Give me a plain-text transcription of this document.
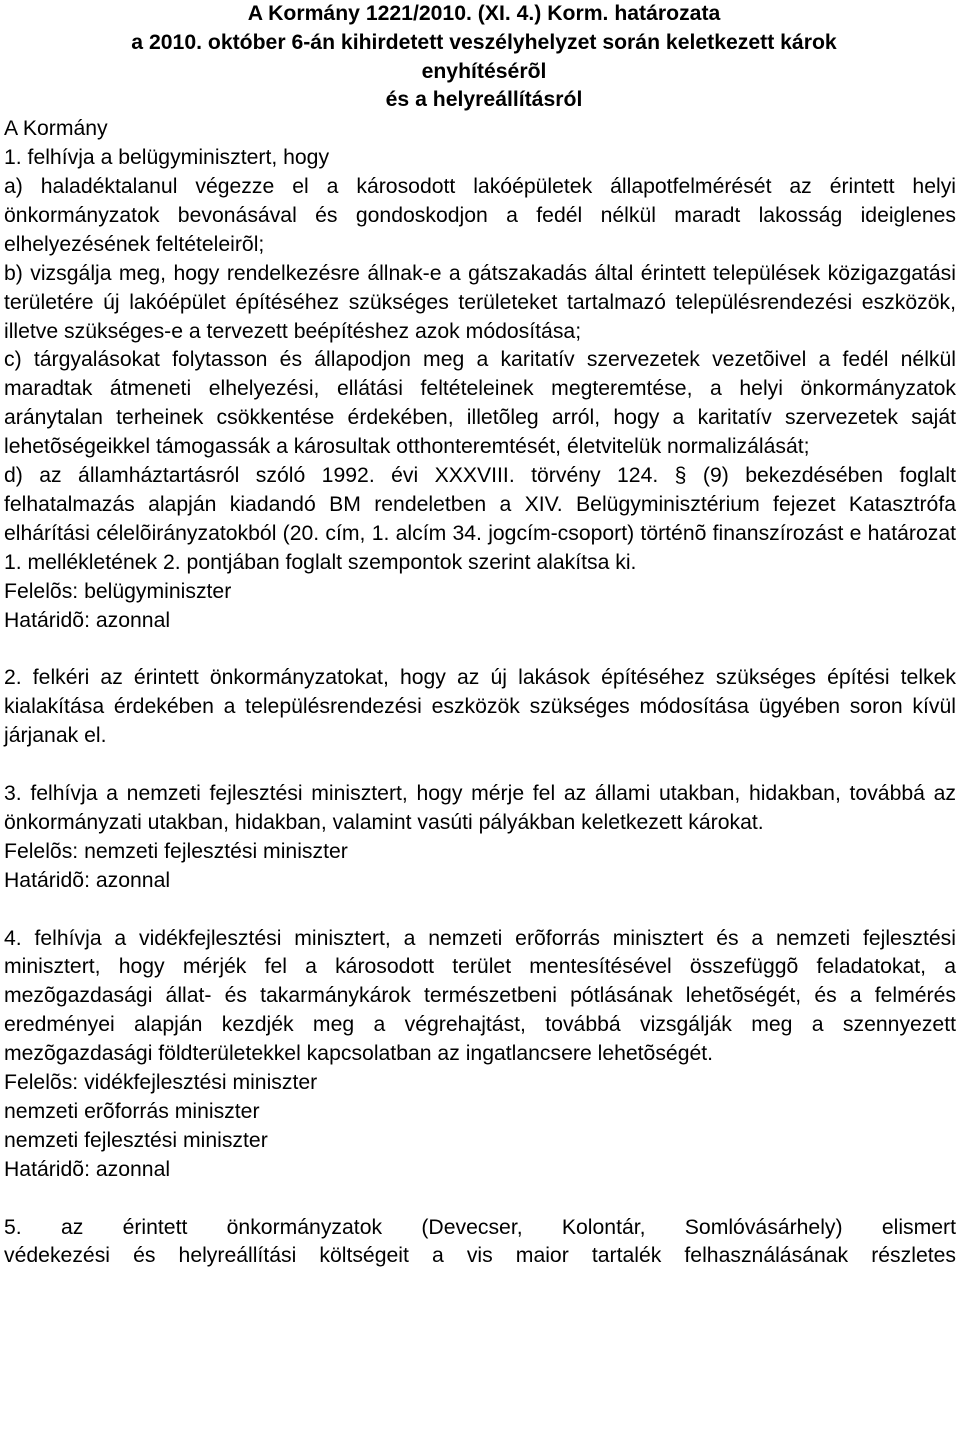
A Kormány 1221/2010. (XI. 4.) Korm. határozata
a 2010. október 6-án kihirdetett veszélyhelyzet során keletkezett károk
enyhítésérõl
és a helyreállításról
A Kormány
1. felhívja a belügyminisztert, hogy
a) haladéktalanul végezze el a károsodott lakóépületek állapotfelmérését az érintett helyi önkormányzatok bevonásával és gondoskodjon a fedél nélkül maradt lakosság ideiglenes elhelyezésének feltételeirõl;
b) vizsgálja meg, hogy rendelkezésre állnak-e a gátszakadás által érintett települések közigazgatási területére új lakóépület építéséhez szükséges területeket tartalmazó településrendezési eszközök, illetve szükséges-e a tervezett beépítéshez azok módosítása;
c) tárgyalásokat folytasson és állapodjon meg a karitatív szervezetek vezetõivel a fedél nélkül maradtak átmeneti elhelyezési, ellátási feltételeinek megteremtése, a helyi önkormányzatok aránytalan terheinek csökkentése érdekében, illetõleg arról, hogy a karitatív szervezetek saját lehetõségeikkel támogassák a károsultak otthonteremtését, életvitelük normalizálását;
d) az államháztartásról szóló 1992. évi XXXVIII. törvény 124. § (9) bekezdésében foglalt felhatalmazás alapján kiadandó BM rendeletben a XIV. Belügyminisztérium fejezet Katasztrófa elhárítási célelõirányzatokból (20. cím, 1. alcím 34. jogcím-csoport) történõ finanszírozást e határozat 1. mellékletének 2. pontjában foglalt szempontok szerint alakítsa ki.
Felelõs: belügyminiszter
Határidõ: azonnal
2. felkéri az érintett önkormányzatokat, hogy az új lakások építéséhez szükséges építési telkek kialakítása érdekében a településrendezési eszközök szükséges módosítása ügyében soron kívül járjanak el.
3. felhívja a nemzeti fejlesztési minisztert, hogy mérje fel az állami utakban, hidakban, továbbá az önkormányzati utakban, hidakban, valamint vasúti pályákban keletkezett károkat.
Felelõs: nemzeti fejlesztési miniszter
Határidõ: azonnal
4. felhívja a vidékfejlesztési minisztert, a nemzeti erõforrás minisztert és a nemzeti fejlesztési minisztert, hogy mérjék fel a károsodott terület mentesítésével összefüggõ feladatokat, a mezõgazdasági állat- és takarmánykárok természetbeni pótlásának lehetõségét, és a felmérés eredményei alapján kezdjék meg a végrehajtást, továbbá vizsgálják meg a szennyezett mezõgazdasági földterületekkel kapcsolatban az ingatlancsere lehetõségét.
Felelõs: vidékfejlesztési miniszter
nemzeti erõforrás miniszter
nemzeti fejlesztési miniszter
Határidõ: azonnal
5. az érintett önkormányzatok (Devecser, Kolontár, Somlóvásárhely) elismert
védekezési és helyreállítási költségeit a vis maior tartalék felhasználásának részletes
